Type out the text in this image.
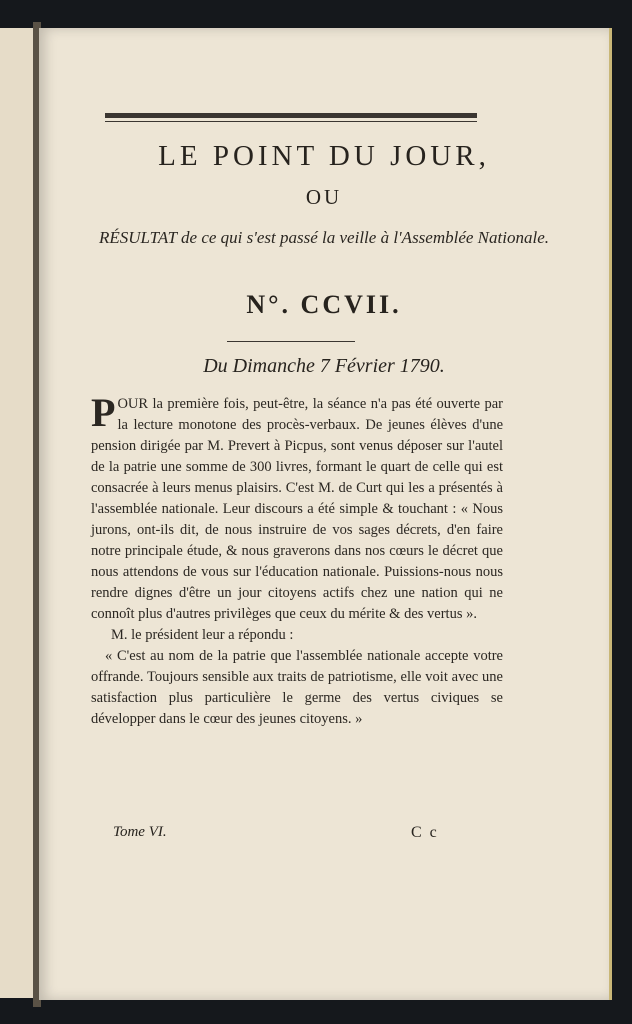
LE POINT DU JOUR,
OU
RÉSULTAT de ce qui s'est passé la veille à l'Assemblée Nationale.
N°. CCVII.
Du Dimanche 7 Février 1790.

POUR la première fois, peut-être, la séance n'a pas été ouverte par la lecture monotone des procès-verbaux. De jeunes élèves d'une pension dirigée par M. Prevert à Picpus, sont venus déposer sur l'autel de la patrie une somme de 300 livres, formant le quart de celle qui est consacrée à leurs menus plaisirs. C'est M. de Curt qui les a présentés à l'assemblée nationale. Leur discours a été simple & touchant : « Nous jurons, ont-ils dit, de nous instruire de vos sages décrets, d'en faire notre principale étude, & nous graverons dans nos cœurs le décret que nous attendons de vous sur l'éducation nationale. Puissions-nous nous rendre dignes d'être un jour citoyens actifs chez une nation qui ne connoît plus d'autres privilèges que ceux du mérite & des vertus ».

M. le président leur a répondu :

« C'est au nom de la patrie que l'assemblée nationale accepte votre offrande. Toujours sensible aux traits de patriotisme, elle voit avec une satisfaction plus particulière le germe des vertus civiques se développer dans le cœur des jeunes citoyens. »

Tome VI.	C c
